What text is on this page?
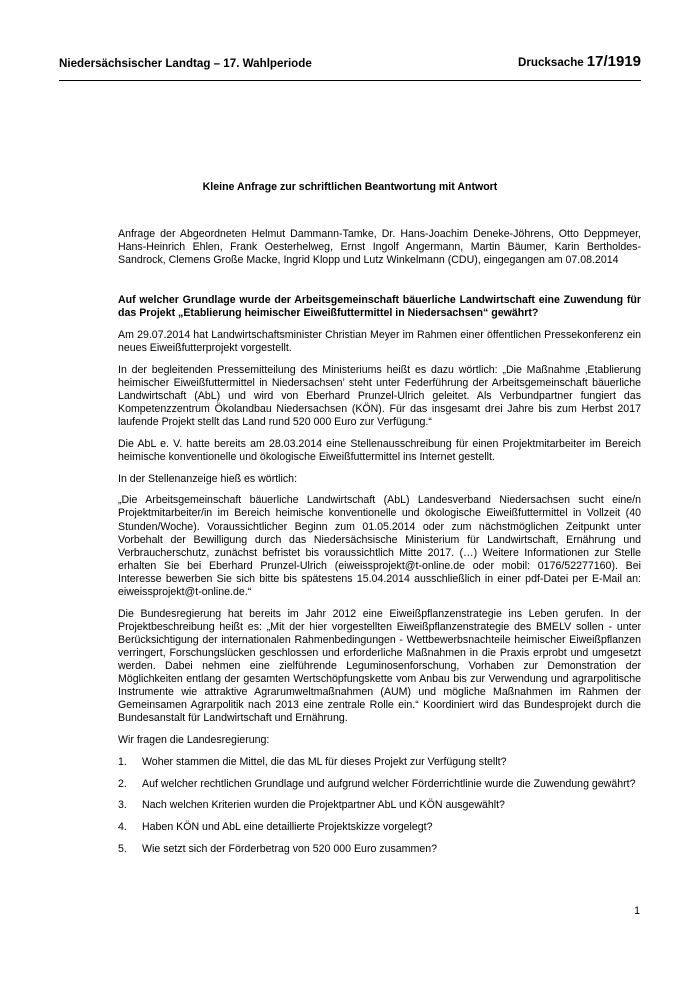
Niedersächsischer Landtag – 17. Wahlperiode	Drucksache 17/1919
Kleine Anfrage zur schriftlichen Beantwortung mit Antwort

Anfrage der Abgeordneten Helmut Dammann-Tamke, Dr. Hans-Joachim Deneke-Jöhrens, Otto Deppmeyer, Hans-Heinrich Ehlen, Frank Oesterhelweg, Ernst Ingolf Angermann, Martin Bäumer, Karin Bertholdes-Sandrock, Clemens Große Macke, Ingrid Klopp und Lutz Winkelmann (CDU), eingegangen am 07.08.2014

Auf welcher Grundlage wurde der Arbeitsgemeinschaft bäuerliche Landwirtschaft eine Zuwendung für das Projekt „Etablierung heimischer Eiweißfuttermittel in Niedersachsen“ gewährt?

Am 29.07.2014 hat Landwirtschaftsminister Christian Meyer im Rahmen einer öffentlichen Pressekonferenz ein neues Eiweißfutterprojekt vorgestellt.

In der begleitenden Pressemitteilung des Ministeriums heißt es dazu wörtlich: „Die Maßnahme ‚Etablierung heimischer Eiweißfuttermittel in Niedersachsen’ steht unter Federführung der Arbeitsgemeinschaft bäuerliche Landwirtschaft (AbL) und wird von Eberhard Prunzel-Ulrich geleitet. Als Verbundpartner fungiert das Kompetenzzentrum Ökolandbau Niedersachsen (KÖN). Für das insgesamt drei Jahre bis zum Herbst 2017 laufende Projekt stellt das Land rund 520 000 Euro zur Verfügung.“

Die AbL e. V. hatte bereits am 28.03.2014 eine Stellenausschreibung für einen Projektmitarbeiter im Bereich heimische konventionelle und ökologische Eiweißfuttermittel ins Internet gestellt.

In der Stellenanzeige hieß es wörtlich:

„Die Arbeitsgemeinschaft bäuerliche Landwirtschaft (AbL) Landesverband Niedersachsen sucht eine/n Projektmitarbeiter/in im Bereich heimische konventionelle und ökologische Eiweißfuttermittel in Vollzeit (40 Stunden/Woche). Voraussichtlicher Beginn zum 01.05.2014 oder zum nächstmöglichen Zeitpunkt unter Vorbehalt der Bewilligung durch das Niedersächsische Ministerium für Landwirtschaft, Ernährung und Verbraucherschutz, zunächst befristet bis voraussichtlich Mitte 2017. (…) Weitere Informationen zur Stelle erhalten Sie bei Eberhard Prunzel-Ulrich (eiweissprojekt@t-online.de oder mobil: 0176/52277160). Bei Interesse bewerben Sie sich bitte bis spätestens 15.04.2014 ausschließlich in einer pdf-Datei per E-Mail an: eiweissprojekt@t-online.de.“

Die Bundesregierung hat bereits im Jahr 2012 eine Eiweißpflanzenstrategie ins Leben gerufen. In der Projektbeschreibung heißt es: „Mit der hier vorgestellten Eiweißpflanzenstrategie des BMELV sollen - unter Berücksichtigung der internationalen Rahmenbedingungen - Wettbewerbsnachteile heimischer Eiweißpflanzen verringert, Forschungslücken geschlossen und erforderliche Maßnahmen in die Praxis erprobt und umgesetzt werden. Dabei nehmen eine zielführende Leguminosenforschung, Vorhaben zur Demonstration der Möglichkeiten entlang der gesamten Wertschöpfungskette vom Anbau bis zur Verwendung und agrarpolitische Instrumente wie attraktive Agrarumweltmaßnahmen (AUM) und mögliche Maßnahmen im Rahmen der Gemeinsamen Agrarpolitik nach 2013 eine zentrale Rolle ein.“ Koordiniert wird das Bundesprojekt durch die Bundesanstalt für Landwirtschaft und Ernährung.

Wir fragen die Landesregierung:

1.	Woher stammen die Mittel, die das ML für dieses Projekt zur Verfügung stellt?
2.	Auf welcher rechtlichen Grundlage und aufgrund welcher Förderrichtlinie wurde die Zuwendung gewährt?
3.	Nach welchen Kriterien wurden die Projektpartner AbL und KÖN ausgewählt?
4.	Haben KÖN und AbL eine detaillierte Projektskizze vorgelegt?
5.	Wie setzt sich der Förderbetrag von 520 000 Euro zusammen?
1
